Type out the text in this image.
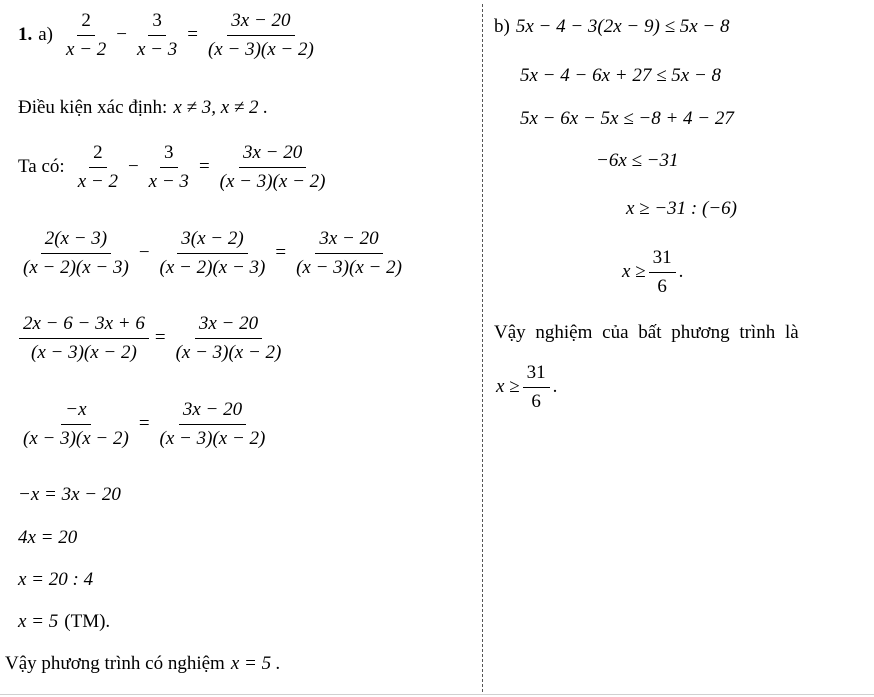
1. $a) \frac{2}{x - 2} - \frac{3}{x - 3} = \frac{3x - 20}{(x - 3)(x - 2)}$
Điều kiện xác định: x ≠ 3, x ≠ 2 .
Ta có: $\frac{2}{x - 2} - \frac{3}{x - 3} = \frac{3x - 20}{(x - 3)(x - 2)}$
$\frac{2(x - 3)}{(x - 2)(x - 3)} - \frac{3(x - 2)}{(x - 2)(x - 3)} = \frac{3x - 20}{(x - 3)(x - 2)}$
$\frac{2x - 6 - 3x + 6}{(x - 3)(x - 2)} = \frac{3x - 20}{(x - 3)(x - 2)}$
$\frac{-x}{(x - 3)(x - 2)} = \frac{3x - 20}{(x - 3)(x - 2)}$
−x = 3x − 20
4x = 20
x = 20 : 4
x = 5 (TM).
Vậy phương trình có nghiệm x = 5 .
b) 5x − 4 − 3(2x − 9) ≤ 5x − 8
5x − 4 − 6x + 27 ≤ 5x − 8
5x − 6x − 5x ≤ −8 + 4 − 27
−6x ≤ −31
x ≥ −31 : (−6)
$x \ge \frac{31}{6}$ .
Vậy nghiệm của bất phương trình là
$x \ge \frac{31}{6}$ .
